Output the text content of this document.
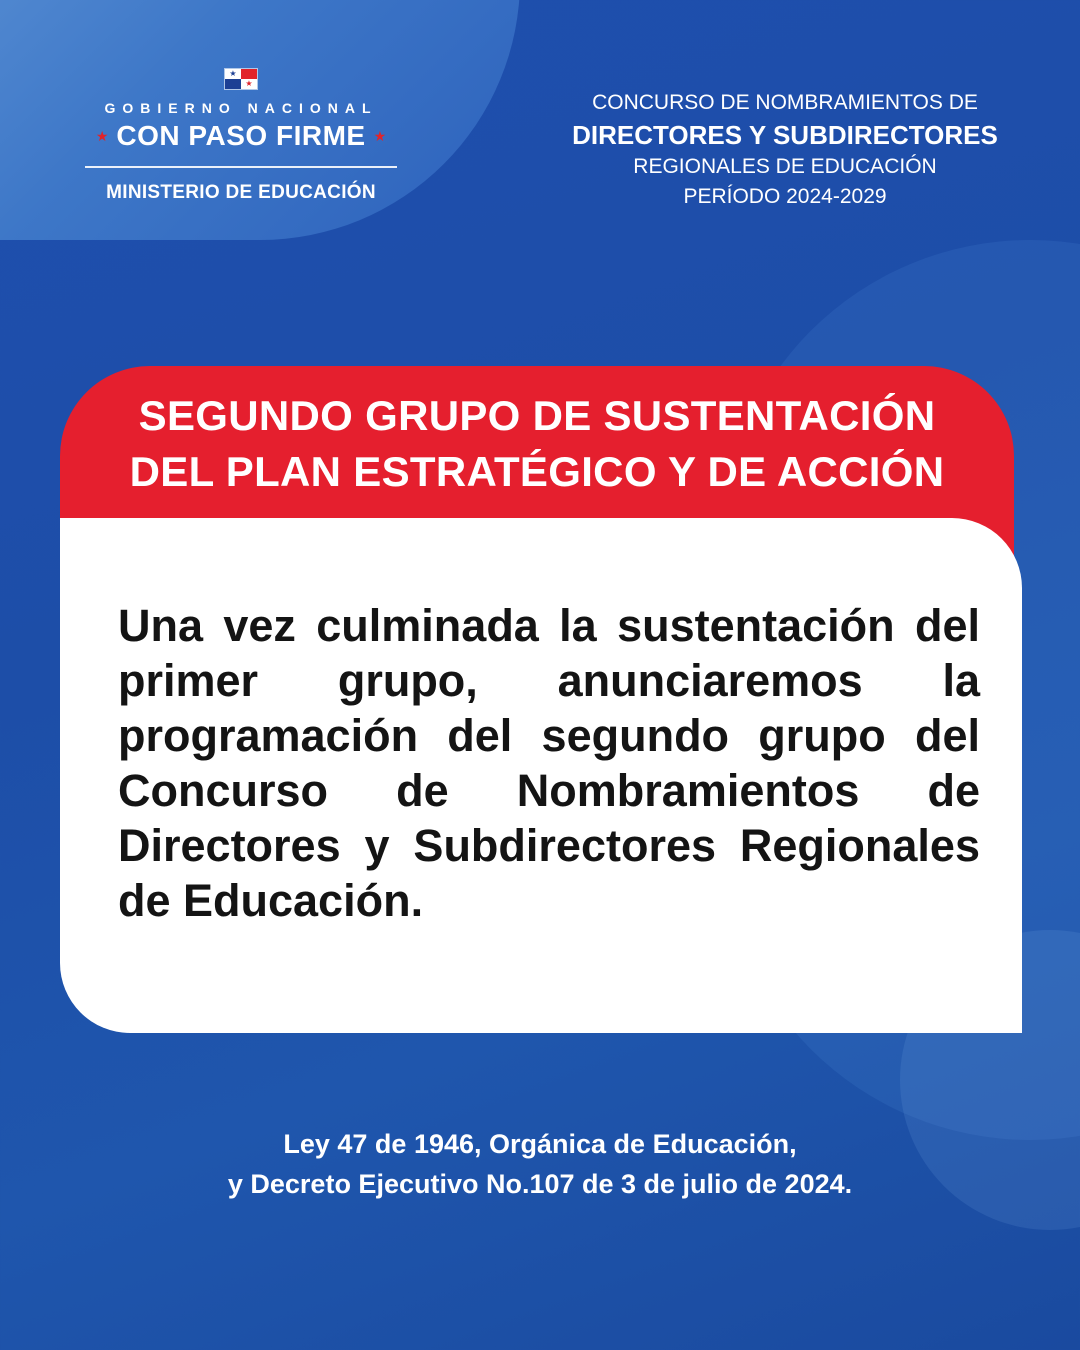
★
★
GOBIERNO NACIONAL
★ CON PASO FIRME ★
MINISTERIO DE EDUCACIÓN
CONCURSO DE NOMBRAMIENTOS DE
DIRECTORES Y SUBDIRECTORES
REGIONALES DE EDUCACIÓN
PERÍODO 2024-2029
SEGUNDO GRUPO DE SUSTENTACIÓN
DEL PLAN ESTRATÉGICO Y DE ACCIÓN
Una vez culminada la sustentación del primer grupo, anunciaremos la programación del segundo grupo del Concurso de Nombramientos de Directores y Subdirectores Regionales de Educación.
Ley 47 de 1946, Orgánica de Educación,
y Decreto Ejecutivo No.107 de 3 de julio de 2024.
